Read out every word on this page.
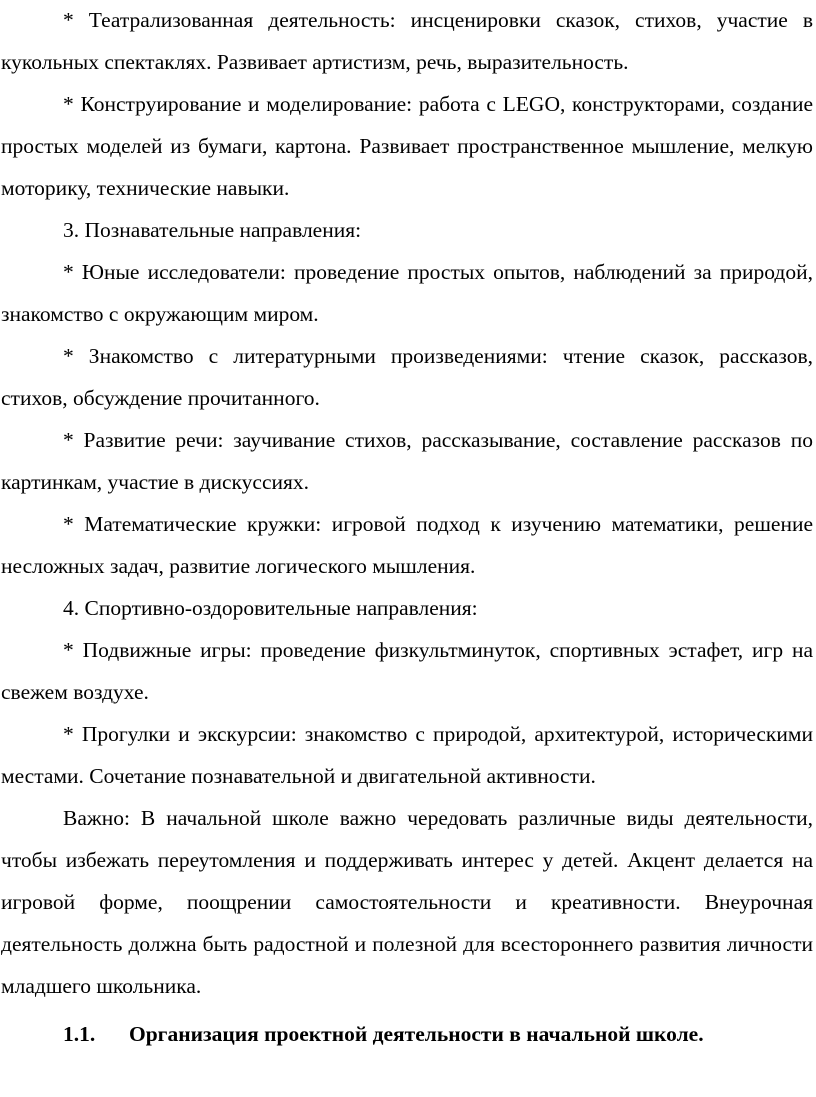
* Театрализованная деятельность: инсценировки сказок, стихов, участие в кукольных спектаклях. Развивает артистизм, речь, выразительность.

* Конструирование и моделирование: работа с LEGO, конструкторами, создание простых моделей из бумаги, картона. Развивает пространственное мышление, мелкую моторику, технические навыки.

3. Познавательные направления:

* Юные исследователи: проведение простых опытов, наблюдений за природой, знакомство с окружающим миром.

* Знакомство с литературными произведениями: чтение сказок, рассказов, стихов, обсуждение прочитанного.

* Развитие речи: заучивание стихов, рассказывание, составление рассказов по картинкам, участие в дискуссиях.

* Математические кружки: игровой подход к изучению математики, решение несложных задач, развитие логического мышления.

4. Спортивно-оздоровительные направления:

* Подвижные игры: проведение физкультминуток, спортивных эстафет, игр на свежем воздухе.

* Прогулки и экскурсии: знакомство с природой, архитектурой, историческими местами. Сочетание познавательной и двигательной активности.

Важно: В начальной школе важно чередовать различные виды деятельности, чтобы избежать переутомления и поддерживать интерес у детей. Акцент делается на игровой форме, поощрении самостоятельности и креативности. Внеурочная деятельность должна быть радостной и полезной для всестороннего развития личности младшего школьника.

1.1. Организация проектной деятельности в начальной школе.
